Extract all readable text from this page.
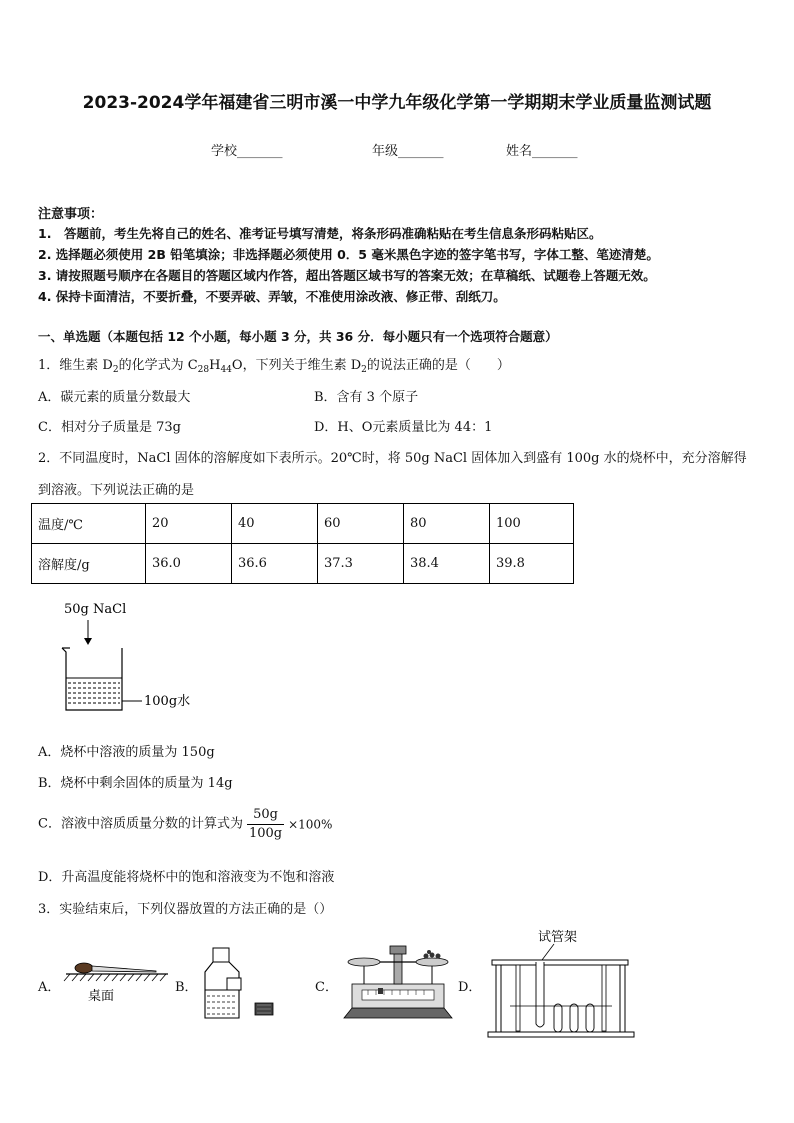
2023-2024学年福建省三明市溪一中学九年级化学第一学期期末学业质量监测试题
学校_______	年级_______	姓名_______
注意事项：
1.　答题前，考生先将自己的姓名、准考证号填写清楚，将条形码准确粘贴在考生信息条形码粘贴区。
2. 选择题必须使用 2B 铅笔填涂；非选择题必须使用 0．5 毫米黑色字迹的签字笔书写，字体工整、笔迹清楚。
3. 请按照题号顺序在各题目的答题区域内作答，超出答题区域书写的答案无效；在草稿纸、试题卷上答题无效。
4. 保持卡面清洁，不要折叠，不要弄破、弄皱，不准使用涂改液、修正带、刮纸刀。
一、单选题（本题包括 12 个小题，每小题 3 分，共 36 分．每小题只有一个选项符合题意）
1．维生素 $D_2$的化学式为 $C_{28}H_{44}O$，下列关于维生素 $D_2$的说法正确的是（　　）
A．碳元素的质量分数最大	B．含有 3 个原子
C．相对分子质量是 73g	D．H、O元素质量比为 44：1
2．不同温度时，NaCl 固体的溶解度如下表所示。20℃时，将 50g NaCl 固体加入到盛有 100g 水的烧杯中，充分溶解得
到溶液。下列说法正确的是
温度/℃	20	40	60	80	100
溶解度/g	36.0	36.6	37.3	38.4	39.8
50g NaCl
100g水
A．烧杯中溶液的质量为 150g
B．烧杯中剩余固体的质量为 14g
C．溶液中溶质质量分数的计算式为 $\frac{50g}{100g} \times 100\%$
D．升高温度能将烧杯中的饱和溶液变为不饱和溶液
3．实验结束后，下列仪器放置的方法正确的是（）
A．
桌面
B．	C．	D．
试管架
